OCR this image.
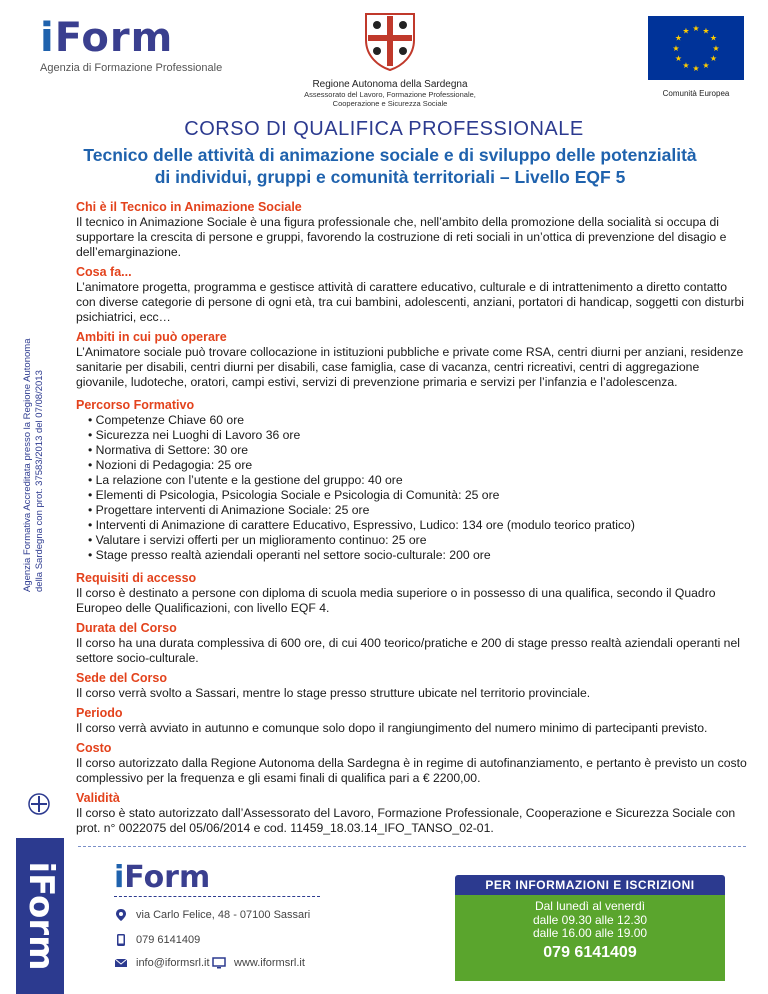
iForm
Agenzia di Formazione Professionale
Regione Autonoma della Sardegna
Assessorato del Lavoro, Formazione Professionale,
Cooperazione e Sicurezza Sociale
★ ★
★
★
★
★
★
★
★
★
★
★
Comunità Europea
CORSO DI QUALIFICA PROFESSIONALE
Tecnico delle attività di animazione sociale e di sviluppo delle potenzialità
di individui, gruppi e comunità territoriali – Livello EQF 5
Chi è il Tecnico in Animazione Sociale

Il tecnico in Animazione Sociale è una figura professionale che, nell’ambito della promozione della socialità si occupa di supportare la crescita di persone e gruppi, favorendo la costruzione di reti sociali in un’ottica di prevenzione del disagio e dell’emarginazione.

Cosa fa...

L’animatore progetta, programma e gestisce attività di carattere educativo, culturale e di intrattenimento a diretto contatto con diverse categorie di persone di ogni età, tra cui bambini, adolescenti, anziani, portatori di handicap, soggetti con disturbi psichiatrici, ecc…

Ambiti in cui può operare

L’Animatore sociale può trovare collocazione in istituzioni pubbliche e private come RSA, centri diurni per anziani, residenze sanitarie per disabili, centri diurni per disabili, case famiglia, case di vacanza, centri ricreativi, centri di aggregazione giovanile, ludoteche, oratori, campi estivi, servizi di prevenzione primaria e servizi per l’infanzia e l’adolescenza.

Percorso Formativo
• Competenze Chiave 60 ore
• Sicurezza nei Luoghi di Lavoro 36 ore
• Normativa di Settore: 30 ore
• Nozioni di Pedagogia: 25 ore
• La relazione con l’utente e la gestione del gruppo: 40 ore
• Elementi di Psicologia, Psicologia Sociale e Psicologia di Comunità: 25 ore
• Progettare interventi di Animazione Sociale: 25 ore
• Interventi di Animazione di carattere Educativo, Espressivo, Ludico: 134 ore (modulo teorico pratico)
• Valutare i servizi offerti per un miglioramento continuo: 25 ore
• Stage presso realtà aziendali operanti nel settore socio-culturale: 200 ore
Requisiti di accesso

Il corso è destinato a persone con diploma di scuola media superiore o in possesso di una qualifica, secondo il Quadro Europeo delle Qualificazioni, con livello EQF 4.

Durata del Corso

Il corso ha una durata complessiva di 600 ore, di cui 400 teorico/pratiche e 200 di stage presso realtà aziendali operanti nel settore socio-culturale.

Sede del Corso

Il corso verrà svolto a Sassari, mentre lo stage presso strutture ubicate nel territorio provinciale.

Periodo

Il corso verrà avviato in autunno e comunque solo dopo il rangiungimento del numero minimo di partecipanti previsto.

Costo

Il corso autorizzato dalla Regione Autonoma della Sardegna è in regime di autofinanziamento, e pertanto è previsto un costo complessivo per la frequenza e gli esami finali di qualifica pari a € 2200,00.

Validità

Il corso è stato autorizzato dall’Assessorato del Lavoro, Formazione Professionale, Cooperazione e Sicurezza Sociale con prot. n° 0022075 del 05/06/2014 e cod. 11459_18.03.14_IFO_TANSO_02-01.

Agenzia Formativa Accreditata presso la Regione Autonoma della Sardegna con prot. 37583/2013 del 07/08/2013
iForm iForm
via Carlo Felice, 48 - 07100 Sassari
079 6141409
info@iformsrl.it www.iformsrl.it
PER INFORMAZIONI E ISCRIZIONI
Dal lunedì al venerdì
dalle 09.30 alle 12.30
dalle 16.00 alle 19.00
079 6141409
